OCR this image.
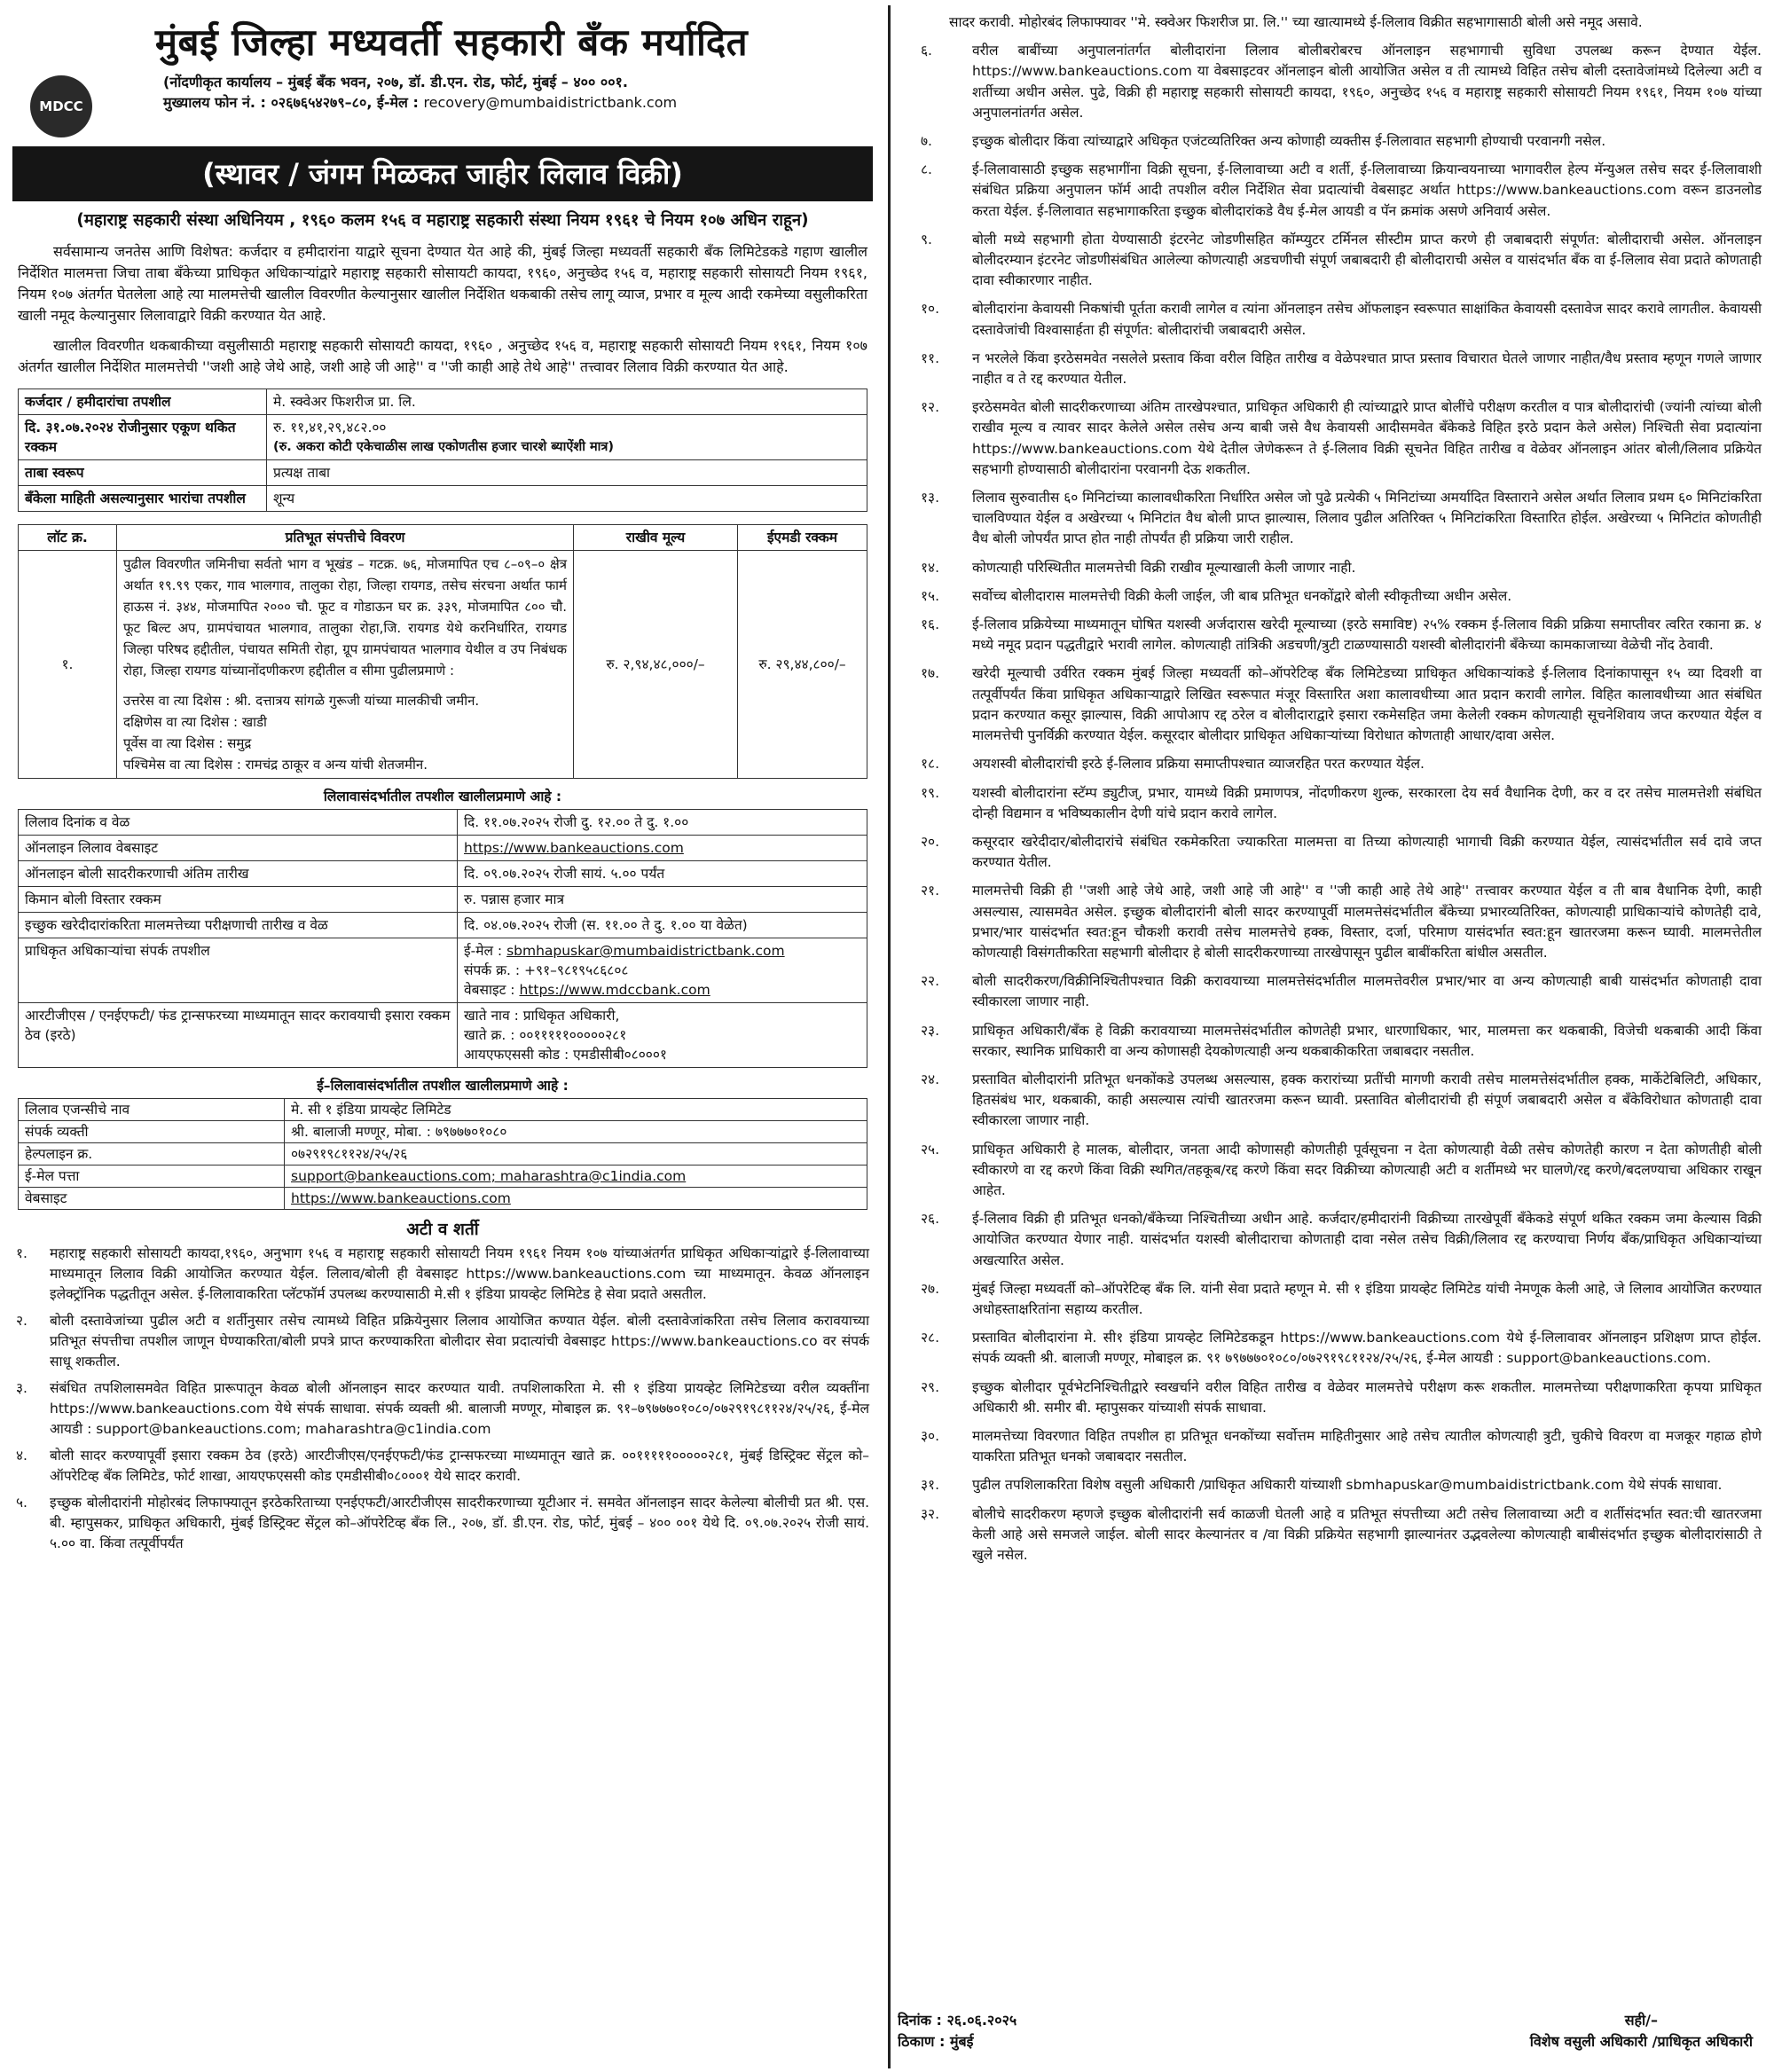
मुंबई जिल्हा मध्यवर्ती सहकारी बँक मर्यादित
MDCC
(नोंदणीकृत कार्यालय – मुंबई बँक भवन, २०७, डॉ. डी.एन. रोड, फोर्ट, मुंबई – ४०० ००१.
मुख्यालय फोन नं. : ०२६७६५४२७९–८०, ई-मेल : recovery@mumbaidistrictbank.com
(स्थावर / जंगम मिळकत जाहीर लिलाव विक्री)
(महाराष्ट्र सहकारी संस्था अधिनियम , १९६० कलम १५६ व महाराष्ट्र सहकारी संस्था नियम १९६१ चे नियम १०७ अधिन राहून)
सर्वसामान्य जनतेस आणि विशेषत: कर्जदार व हमीदारांना याद्वारे सूचना देण्यात येत आहे की, मुंबई जिल्हा मध्यवर्ती सहकारी बँक लिमिटेडकडे गहाण खालील निर्देशित मालमत्ता जिचा ताबा बँकेच्या प्राधिकृत अधिकाऱ्यांद्वारे महाराष्ट्र सहकारी सोसायटी कायदा, १९६०, अनुच्छेद १५६ व, महाराष्ट्र सहकारी सोसायटी नियम १९६१, नियम १०७ अंतर्गत घेतलेला आहे त्या मालमत्तेची खालील विवरणीत केल्यानुसार खालील निर्देशित थकबाकी तसेच लागू व्याज, प्रभार व मूल्य आदी रकमेच्या वसुलीकरिता खाली नमूद केल्यानुसार लिलावाद्वारे विक्री करण्यात येत आहे.
खालील विवरणीत थकबाकीच्या वसुलीसाठी महाराष्ट्र सहकारी सोसायटी कायदा, १९६० , अनुच्छेद १५६ व, महाराष्ट्र सहकारी सोसायटी नियम १९६१, नियम १०७ अंतर्गत खालील निर्देशित मालमत्तेची ''जशी आहे जेथे आहे, जशी आहे जी आहे'' व ''जी काही आहे तेथे आहे'' तत्त्वावर लिलाव विक्री करण्यात येत आहे.
कर्जदार / हमीदारांचा तपशील	मे. स्क्वेअर फिशरीज प्रा. लि.
दि. ३१.०७.२०२४ रोजीनुसार एकूण थकित रक्कम	रु. ११,४१,२९,४८२.००
(रु. अकरा कोटी एकेचाळीस लाख एकोणतीस हजार चारशे ब्याऐंशी मात्र)

ताबा स्वरूप	प्रत्यक्ष ताबा
बँकेला माहिती असल्यानुसार भारांचा तपशील	शून्य
लॉट क्र.	प्रतिभूत संपत्तीचे विवरण	राखीव मूल्य	ईएमडी रक्कम
१.	पुढील विवरणीत जमिनीचा सर्वतो भाग व भूखंड – गटक्र. ७६, मोजमापित एच ८–०९–० क्षेत्र अर्थात १९.९९ एकर, गाव भालगाव, तालुका रोहा, जिल्हा रायगड, तसेच संरचना अर्थात फार्म हाऊस नं. ३४४, मोजमापित २००० चौ. फूट व गोडाऊन घर क्र. ३३९, मोजमापित ८०० चौ. फूट बिल्ट अप, ग्रामपंचायत भालगाव, तालुका रोहा,जि. रायगड येथे करनिर्धारित, रायगड जिल्हा परिषद हद्दीतील, पंचायत समिती रोहा, ग्रूप ग्रामपंचायत भालगाव येथील व उप निबंधक रोहा, जिल्हा रायगड यांच्यानोंदणीकरण हद्दीतील व सीमा पुढीलप्रमाणे :
उत्तरेस वा त्या दिशेस : श्री. दत्तात्रय सांगळे गुरूजी यांच्या मालकीची जमीन.
दक्षिणेस वा त्या दिशेस : खाडी
पूर्वेस वा त्या दिशेस : समुद्र
पश्चिमेस वा त्या दिशेस : रामचंद्र ठाकूर व अन्य यांची शेतजमीन.	रु. २,९४,४८,०००/–	रु. २९,४४,८००/–
लिलावासंदर्भातील तपशील खालीलप्रमाणे आहे :
लिलाव दिनांक व वेळ	दि. ११.०७.२०२५ रोजी दु. १२.०० ते दु. १.००
ऑनलाइन लिलाव वेबसाइट	https://www.bankeauctions.com
ऑनलाइन बोली सादरीकरणाची अंतिम तारीख	दि. ०९.०७.२०२५ रोजी सायं. ५.०० पर्यंत
किमान बोली विस्तार रक्कम	रु. पन्नास हजार मात्र
इच्छुक खरेदीदारांकरिता मालमत्तेच्या परीक्षणाची तारीख व वेळ	दि. ०४.०७.२०२५ रोजी (स. ११.०० ते दु. १.०० या वेळेत)
प्राधिकृत अधिकाऱ्यांचा संपर्क तपशील	ई-मेल : sbmhapuskar@mumbaidistrictbank.com
संपर्क क्र. : +९१–९८१९५८६८०८
वेबसाइट : https://www.mdccbank.com

आरटीजीएस / एनईएफटी/ फंड ट्रान्सफरच्या माध्यमातून सादर करावयाची इसारा रक्कम ठेव (इरठे)	खाते नाव : प्राधिकृत अधिकारी,
खाते क्र. : ००१११११०००००२८१
आयएफएससी कोड : एमडीसीबी०८०००१
ई–लिलावासंदर्भातील तपशील खालीलप्रमाणे आहे :
लिलाव एजन्सीचे नाव	मे. सी १ इंडिया प्रायव्हेट लिमिटेड
संपर्क व्यक्ती	श्री. बालाजी मण्णूर, मोबा. : ७९७७७०१०८०
हेल्पलाइन क्र.	०७२९१९८११२४/२५/२६
ई-मेल पत्ता	support@bankeauctions.com; maharashtra@c1india.com
वेबसाइट	https://www.bankeauctions.com
अटी व शर्ती
१.	महाराष्ट्र सहकारी सोसायटी कायदा,१९६०, अनुभाग १५६ व महाराष्ट्र सहकारी सोसायटी नियम १९६१ नियम १०७ यांच्याअंतर्गत प्राधिकृत अधिकाऱ्यांद्वारे ई-लिलावाच्या माध्यमातून लिलाव विक्री आयोजित करण्यात येईल. लिलाव/बोली ही वेबसाइट https://www.bankeauctions.com च्या माध्यमातून. केवळ ऑनलाइन इलेक्ट्रॉनिक पद्धतीतून असेल. ई-लिलावाकरिता प्लॅटफॉर्म उपलब्ध करण्यासाठी मे.सी १ इंडिया प्रायव्हेट लिमिटेड हे सेवा प्रदाते असतील.
२.	बोली दस्तावेजांच्या पुढील अटी व शर्तीनुसार तसेच त्यामध्ये विहित प्रक्रियेनुसार लिलाव आयोजित कण्यात येईल. बोली दस्तावेजांकरिता तसेच लिलाव करावयाच्या प्रतिभूत संपत्तीचा तपशील जाणून घेण्याकरिता/बोली प्रपत्रे प्राप्त करण्याकरिता बोलीदार सेवा प्रदात्यांची वेबसाइट https://www.bankeauctions.co वर संपर्क साधू शकतील.
३.	संबंधित तपशिलासमवेत विहित प्रारूपातून केवळ बोली ऑनलाइन सादर करण्यात यावी. तपशिलाकरिता मे. सी १ इंडिया प्रायव्हेट लिमिटेडच्या वरील व्यक्तींना https://www.bankeauctions.com येथे संपर्क साधावा. संपर्क व्यक्ती श्री. बालाजी मण्णूर, मोबाइल क्र. ९१–७९७७७०१०८०/०७२९१९८११२४/२५/२६, ई-मेल आयडी : support@bankeauctions.com; maharashtra@c1india.com
४.	बोली सादर करण्यापूर्वी इसारा रक्कम ठेव (इरठे) आरटीजीएस/एनईएफटी/फंड ट्रान्सफरच्या माध्यमातून खाते क्र. ००१११११०००००२८१, मुंबई डिस्ट्रिक्ट सेंट्रल को–ऑपरेटिव्ह बँक लिमिटेड, फोर्ट शाखा, आयएफएससी कोड एमडीसीबी०८०००१ येथे सादर करावी.
५.	इच्छुक बोलीदारांनी मोहोरबंद लिफाफ्यातून इरठेकरिताच्या एनईएफटी/आरटीजीएस सादरीकरणाच्या यूटीआर नं. समवेत ऑनलाइन सादर केलेल्या बोलीची प्रत श्री. एस. बी. म्हापुसकर, प्राधिकृत अधिकारी, मुंबई डिस्ट्रिक्ट सेंट्रल को–ऑपरेटिव्ह बँक लि., २०७, डॉ. डी.एन. रोड, फोर्ट, मुंबई – ४०० ००१ येथे दि. ०९.०७.२०२५ रोजी सायं. ५.०० वा. किंवा तत्पूर्वीपर्यंत
सादर करावी. मोहोरबंद लिफाफ्यावर ''मे. स्क्वेअर फिशरीज प्रा. लि.'' च्या खात्यामध्ये ई-लिलाव विक्रीत सहभागासाठी बोली असे नमूद असावे.
६.	वरील बाबींच्या अनुपालनांतर्गत बोलीदारांना लिलाव बोलीबरोबरच ऑनलाइन सहभागाची सुविधा उपलब्ध करून देण्यात येईल. https://www.bankeauctions.com या वेबसाइटवर ऑनलाइन बोली आयोजित असेल व ती त्यामध्ये विहित तसेच बोली दस्तावेजांमध्ये दिलेल्या अटी व शर्तीच्या अधीन असेल. पुढे, विक्री ही महाराष्ट्र सहकारी सोसायटी कायदा, १९६०, अनुच्छेद १५६ व महाराष्ट्र सहकारी सोसायटी नियम १९६१, नियम १०७ यांच्या अनुपालनांतर्गत असेल.
७.	इच्छुक बोलीदार किंवा त्यांच्याद्वारे अधिकृत एजंटव्यतिरिक्त अन्य कोणाही व्यक्तीस ई-लिलावात सहभागी होण्याची परवानगी नसेल.
८.	ई-लिलावासाठी इच्छुक सहभागींना विक्री सूचना, ई-लिलावाच्या अटी व शर्ती, ई-लिलावाच्या क्रियान्वयनाच्या भागावरील हेल्प मॅन्युअल तसेच सदर ई-लिलावाशी संबंधित प्रक्रिया अनुपालन फॉर्म आदी तपशील वरील निर्देशित सेवा प्रदात्यांची वेबसाइट अर्थात https://www.bankeauctions.com वरून डाउनलोड करता येईल. ई-लिलावात सहभागाकरिता इच्छुक बोलीदारांकडे वैध ई-मेल आयडी व पॅन क्रमांक असणे अनिवार्य असेल.
९.	बोली मध्ये सहभागी होता येण्यासाठी इंटरनेट जोडणीसहित कॉम्प्युटर टर्मिनल सीस्टीम प्राप्त करणे ही जबाबदारी संपूर्णत: बोलीदाराची असेल. ऑनलाइन बोलीदरम्यान इंटरनेट जोडणीसंबंधित आलेल्या कोणत्याही अडचणीची संपूर्ण जबाबदारी ही बोलीदाराची असेल व यासंदर्भात बँक वा ई-लिलाव सेवा प्रदाते कोणताही दावा स्वीकारणार नाहीत.
१०.	बोलीदारांना केवायसी निकषांची पूर्तता करावी लागेल व त्यांना ऑनलाइन तसेच ऑफलाइन स्वरूपात साक्षांकित केवायसी दस्तावेज सादर करावे लागतील. केवायसी दस्तावेजांची विश्वासार्हता ही संपूर्णत: बोलीदारांची जबाबदारी असेल.
११.	न भरलेले किंवा इरठेसमवेत नसलेले प्रस्ताव किंवा वरील विहित तारीख व वेळेपश्चात प्राप्त प्रस्ताव विचारात घेतले जाणार नाहीत/वैध प्रस्ताव म्हणून गणले जाणार नाहीत व ते रद्द करण्यात येतील.
१२.	इरठेसमवेत बोली सादरीकरणाच्या अंतिम तारखेपश्चात, प्राधिकृत अधिकारी ही त्यांच्याद्वारे प्राप्त बोलींचे परीक्षण करतील व पात्र बोलीदारांची (ज्यांनी त्यांच्या बोली राखीव मूल्य व त्यावर सादर केलेले असेल तसेच अन्य बाबी जसे वैध केवायसी आदीसमवेत बँकेकडे विहित इरठे प्रदान केले असेल) निश्चिती सेवा प्रदात्यांना https://www.bankeauctions.com येथे देतील जेणेकरून ते ई-लिलाव विक्री सूचनेत विहित तारीख व वेळेवर ऑनलाइन आंतर बोली/लिलाव प्रक्रियेत सहभागी होण्यासाठी बोलीदारांना परवानगी देऊ शकतील.
१३.	लिलाव सुरुवातीस ६० मिनिटांच्या कालावधीकरिता निर्धारित असेल जो पुढे प्रत्येकी ५ मिनिटांच्या अमर्यादित विस्ताराने असेल अर्थात लिलाव प्रथम ६० मिनिटांकरिता चालविण्यात येईल व अखेरच्या ५ मिनिटांत वैध बोली प्राप्त झाल्यास, लिलाव पुढील अतिरिक्त ५ मिनिटांकरिता विस्तारित होईल. अखेरच्या ५ मिनिटांत कोणतीही वैध बोली जोपर्यंत प्राप्त होत नाही तोपर्यंत ही प्रक्रिया जारी राहील.
१४.	कोणत्याही परिस्थितीत मालमत्तेची विक्री राखीव मूल्याखाली केली जाणार नाही.
१५.	सर्वोच्च बोलीदारास मालमत्तेची विक्री केली जाईल, जी बाब प्रतिभूत धनकोंद्वारे बोली स्वीकृतीच्या अधीन असेल.
१६.	ई-लिलाव प्रक्रियेच्या माध्यमातून घोषित यशस्वी अर्जदारास खरेदी मूल्याच्या (इरठे समाविष्ट) २५% रक्कम ई-लिलाव विक्री प्रक्रिया समाप्तीवर त्वरित रकाना क्र. ४ मध्ये नमूद प्रदान पद्धतीद्वारे भरावी लागेल. कोणत्याही तांत्रिकी अडचणी/त्रुटी टाळण्यासाठी यशस्वी बोलीदारांनी बँकेच्या कामकाजाच्या वेळेची नोंद ठेवावी.
१७.	खरेदी मूल्याची उर्वरित रक्कम मुंबई जिल्हा मध्यवर्ती को–ऑपरेटिव्ह बँक लिमिटेडच्या प्राधिकृत अधिकाऱ्यांकडे ई-लिलाव दिनांकापासून १५ व्या दिवशी वा तत्पूर्वीपर्यंत किंवा प्राधिकृत अधिकाऱ्याद्वारे लिखित स्वरूपात मंजूर विस्तारित अशा कालावधीच्या आत प्रदान करावी लागेल. विहित कालावधीच्या आत संबंधित प्रदान करण्यात कसूर झाल्यास, विक्री आपोआप रद्द ठरेल व बोलीदाराद्वारे इसारा रकमेसहित जमा केलेली रक्कम कोणत्याही सूचनेशिवाय जप्त करण्यात येईल व मालमत्तेची पुनर्विक्री करण्यात येईल. कसूरदार बोलीदार प्राधिकृत अधिकाऱ्यांच्या विरोधात कोणताही आधार/दावा असेल.
१८.	अयशस्वी बोलीदारांची इरठे ई-लिलाव प्रक्रिया समाप्तीपश्चात व्याजरहित परत करण्यात येईल.
१९.	यशस्वी बोलीदारांना स्टॅम्प ड्युटीज्, प्रभार, यामध्ये विक्री प्रमाणपत्र, नोंदणीकरण शुल्क, सरकारला देय सर्व वैधानिक देणी, कर व दर तसेच मालमत्तेशी संबंधित दोन्ही विद्यमान व भविष्यकालीन देणी यांचे प्रदान करावे लागेल.
२०.	कसूरदार खरेदीदार/बोलीदारांचे संबंधित रकमेकरिता ज्याकरिता मालमत्ता वा तिच्या कोणत्याही भागाची विक्री करण्यात येईल, त्यासंदर्भातील सर्व दावे जप्त करण्यात येतील.
२१.	मालमत्तेची विक्री ही ''जशी आहे जेथे आहे, जशी आहे जी आहे'' व ''जी काही आहे तेथे आहे'' तत्त्वावर करण्यात येईल व ती बाब वैधानिक देणी, काही असल्यास, त्यासमवेत असेल. इच्छुक बोलीदारांनी बोली सादर करण्यापूर्वी मालमत्तेसंदर्भातील बँकेच्या प्रभारव्यतिरिक्त, कोणत्याही प्राधिकाऱ्यांचे कोणतेही दावे, प्रभार/भार यासंदर्भात स्वत:हून चौकशी करावी तसेच मालमत्तेचे हक्क, विस्तार, दर्जा, परिमाण यासंदर्भात स्वत:हून खातरजमा करून घ्यावी. मालमत्तेतील कोणत्याही विसंगतीकरिता सहभागी बोलीदार हे बोली सादरीकरणाच्या तारखेपासून पुढील बाबींकरिता बांधील असतील.
२२.	बोली सादरीकरण/विक्रीनिश्चितीपश्चात विक्री करावयाच्या मालमत्तेसंदर्भातील मालमत्तेवरील प्रभार/भार वा अन्य कोणत्याही बाबी यासंदर्भात कोणताही दावा स्वीकारला जाणार नाही.
२३.	प्राधिकृत अधिकारी/बँक हे विक्री करावयाच्या मालमत्तेसंदर्भातील कोणतेही प्रभार, धारणाधिकार, भार, मालमत्ता कर थकबाकी, विजेची थकबाकी आदी किंवा सरकार, स्थानिक प्राधिकारी वा अन्य कोणासही देयकोणत्याही अन्य थकबाकीकरिता जबाबदार नसतील.
२४.	प्रस्तावित बोलीदारांनी प्रतिभूत धनकोंकडे उपलब्ध असल्यास, हक्क करारांच्या प्रतींची मागणी करावी तसेच मालमत्तेसंदर्भातील हक्क, मार्केटेबिलिटी, अधिकार, हितसंबंध भार, थकबाकी, काही असल्यास त्यांची खातरजमा करून घ्यावी. प्रस्तावित बोलीदारांची ही संपूर्ण जबाबदारी असेल व बँकेविरोधात कोणताही दावा स्वीकारला जाणार नाही.
२५.	प्राधिकृत अधिकारी हे मालक, बोलीदार, जनता आदी कोणासही कोणतीही पूर्वसूचना न देता कोणत्याही वेळी तसेच कोणतेही कारण न देता कोणतीही बोली स्वीकारणे वा रद्द करणे किंवा विक्री स्थगित/तहकूब/रद्द करणे किंवा सदर विक्रीच्या कोणत्याही अटी व शर्तीमध्ये भर घालणे/रद्द करणे/बदलण्याचा अधिकार राखून आहेत.
२६.	ई-लिलाव विक्री ही प्रतिभूत धनको/बँकेच्या निश्चितीच्या अधीन आहे. कर्जदार/हमीदारांनी विक्रीच्या तारखेपूर्वी बँकेकडे संपूर्ण थकित रक्कम जमा केल्यास विक्री आयोजित करण्यात येणार नाही. यासंदर्भात यशस्वी बोलीदाराचा कोणताही दावा नसेल तसेच विक्री/लिलाव रद्द करण्याचा निर्णय बँक/प्राधिकृत अधिकाऱ्यांच्या अखत्यारित असेल.
२७.	मुंबई जिल्हा मध्यवर्ती को–ऑपरेटिव्ह बँक लि. यांनी सेवा प्रदाते म्हणून मे. सी १ इंडिया प्रायव्हेट लिमिटेड यांची नेमणूक केली आहे, जे लिलाव आयोजित करण्यात अधोहस्ताक्षरितांना सहाय्य करतील.
२८.	प्रस्तावित बोलीदारांना मे. सी१ इंडिया प्रायव्हेट लिमिटेडकडून https://www.bankeauctions.com येथे ई-लिलावावर ऑनलाइन प्रशिक्षण प्राप्त होईल. संपर्क व्यक्ती श्री. बालाजी मण्णूर, मोबाइल क्र. ९१ ७९७७७०१०८०/०७२९१९८११२४/२५/२६, ई-मेल आयडी : support@bankeauctions.com.
२९.	इच्छुक बोलीदार पूर्वभेटनिश्चितीद्वारे स्वखर्चाने वरील विहित तारीख व वेळेवर मालमत्तेचे परीक्षण करू शकतील. मालमत्तेच्या परीक्षणाकरिता कृपया प्राधिकृत अधिकारी श्री. समीर बी. म्हापुसकर यांच्याशी संपर्क साधावा.
३०.	मालमत्तेच्या विवरणात विहित तपशील हा प्रतिभूत धनकोंच्या सर्वोत्तम माहितीनुसार आहे तसेच त्यातील कोणत्याही त्रुटी, चुकीचे विवरण वा मजकूर गहाळ होणे याकरिता प्रतिभूत धनको जबाबदार नसतील.
३१.	पुढील तपशिलाकरिता विशेष वसुली अधिकारी /प्राधिकृत अधिकारी यांच्याशी sbmhapuskar@mumbaidistrictbank.com येथे संपर्क साधावा.
३२.	बोलीचे सादरीकरण म्हणजे इच्छुक बोलीदारांनी सर्व काळजी घेतली आहे व प्रतिभूत संपत्तीच्या अटी तसेच लिलावाच्या अटी व शर्तीसंदर्भात स्वत:ची खातरजमा केली आहे असे समजले जाईल. बोली सादर केल्यानंतर व /वा विक्री प्रक्रियेत सहभागी झाल्यानंतर उद्भवलेल्या कोणत्याही बाबीसंदर्भात इच्छुक बोलीदारांसाठी ते खुले नसेल.
दिनांक : २६.०६.२०२५
ठिकाण : मुंबई
सही/–
विशेष वसुली अधिकारी /प्राधिकृत अधिकारी
